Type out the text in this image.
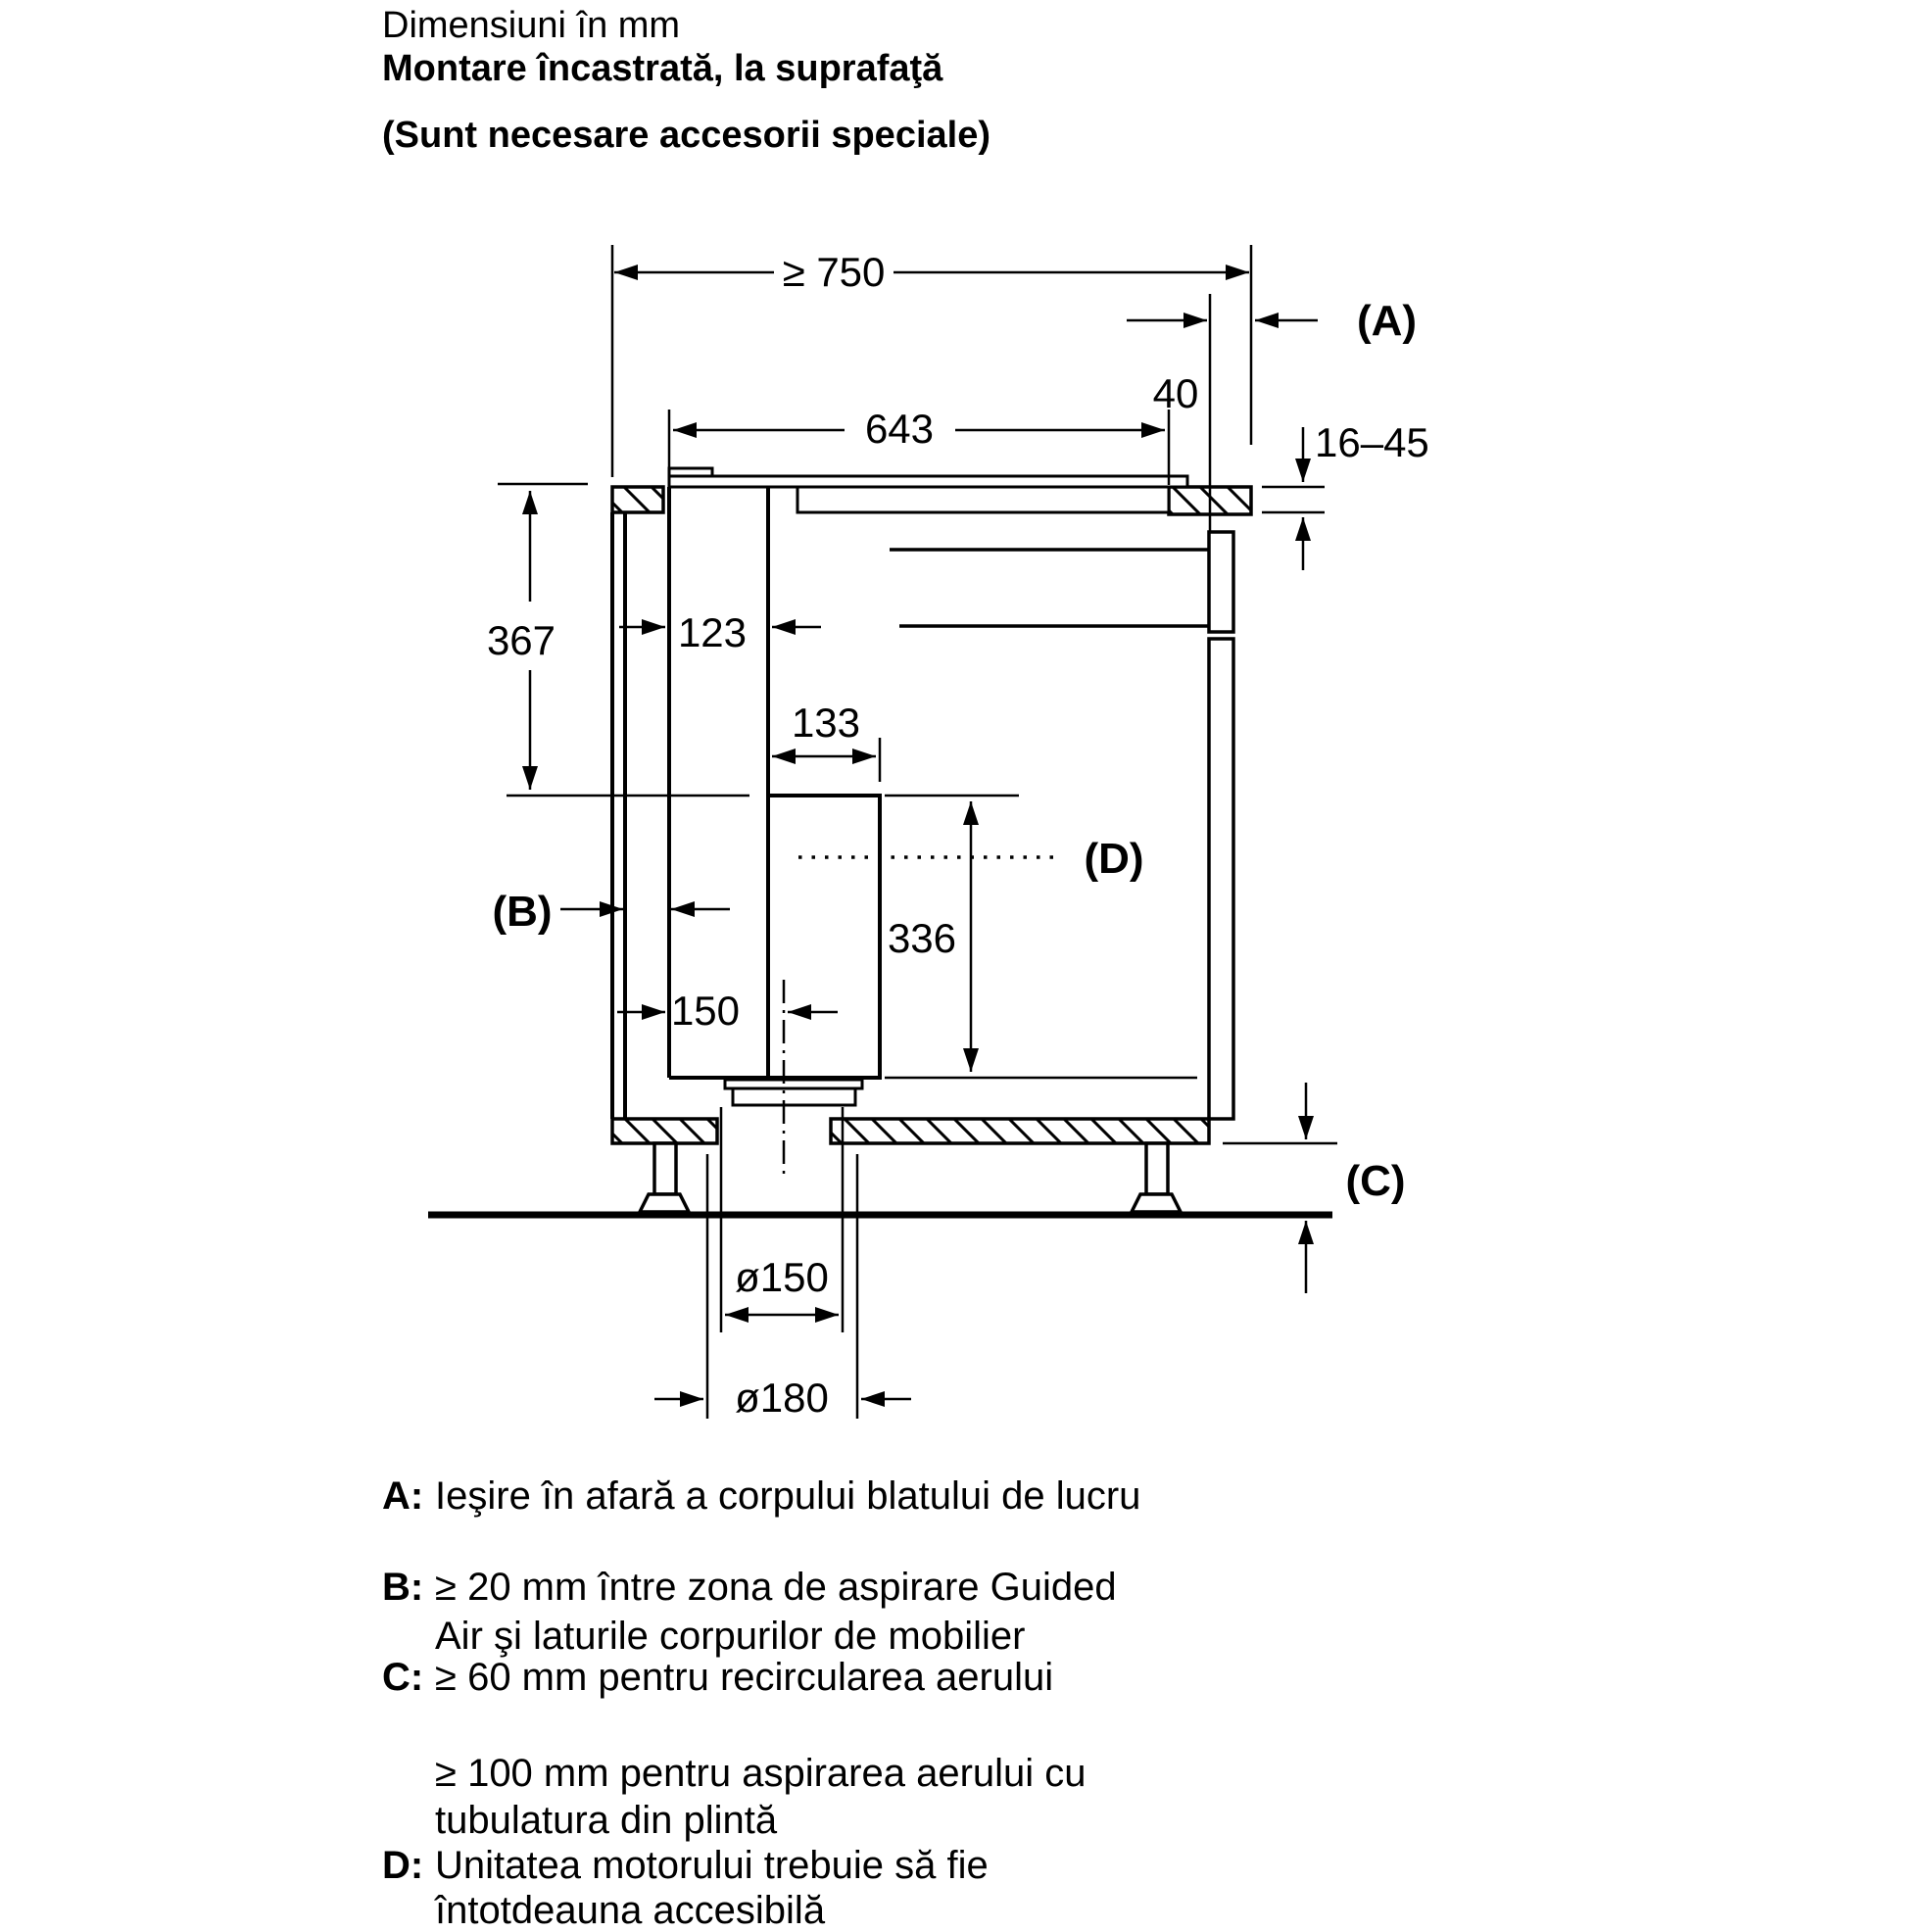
Dimensiuni în mm
Montare încastrată, la suprafaţă
(Sunt necesare accesorii speciale)
≥ 750
(A)
40
643	16–45
367	123
133
(D)
336
(B)
150
ø150
ø180
(C)
A: Ieşire în afară a corpului blatului de lucru
B: ≥ 20 mm între zona de aspirare Guided
Air şi laturile corpurilor de mobilier
C: ≥ 60 mm pentru recircularea aerului
≥ 100 mm pentru aspirarea aerului cu
tubulatura din plintă
D: Unitatea motorului trebuie să fie
întotdeauna accesibilă
